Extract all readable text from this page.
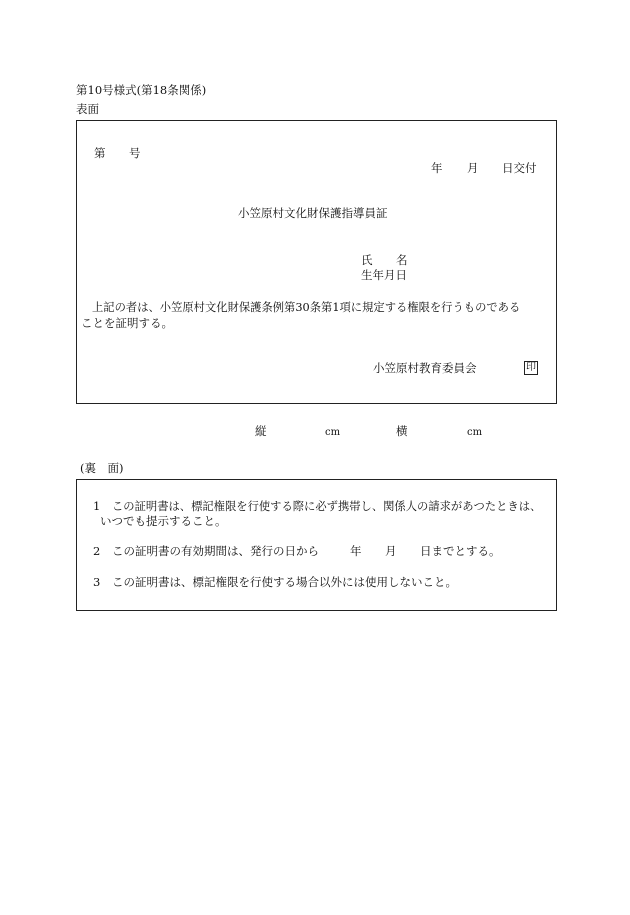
第10号様式(第18条関係)
表面
第 号
年 月 日交付
小笠原村文化財保護指導員証
氏 名
生年月日
上記の者は、小笠原村文化財保護条例第30条第1項に規定する権限を行うものである
ことを証明する。
小笠原村教育委員会	印
縦	cm	横	cm
(裏　面)
1 この証明書は、標記権限を行使する際に必ず携帯し、関係人の請求があつたときは、
いつでも提示すること。
2 この証明書の有効期間は、発行の日から	年 月 日までとする。
3 この証明書は、標記権限を行使する場合以外には使用しないこと。
